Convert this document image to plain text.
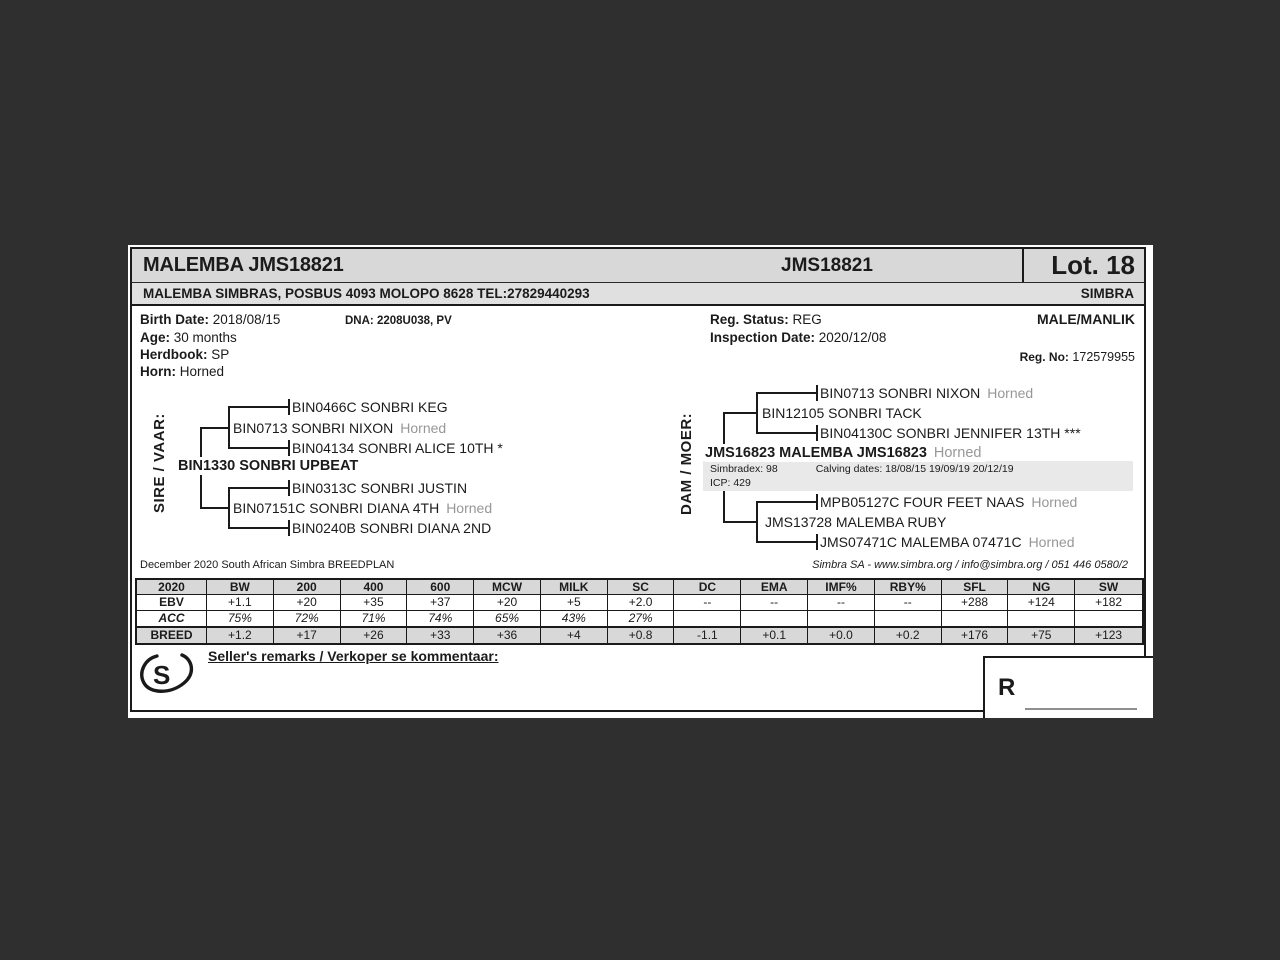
MALEMBA JMS18821	JMS18821	Lot. 18
MALEMBA SIMBRAS, POSBUS 4093 MOLOPO 8628 TEL:27829440293	SIMBRA
Birth Date: 2018/08/15	DNA: 2208U038, PV
Age: 30 months
Herdbook: SP
Horn: Horned
Reg. Status: REG
Inspection Date: 2020/12/08
MALE/MANLIK
Reg. No: 172579955
SIRE / VAAR:
BIN0466C SONBRI KEG
BIN0713 SONBRI NIXON Horned
BIN04134 SONBRI ALICE 10TH *
BIN1330 SONBRI UPBEAT
BIN0313C SONBRI JUSTIN
BIN07151C SONBRI DIANA 4TH Horned
BIN0240B SONBRI DIANA 2ND
DAM / MOER:
BIN0713 SONBRI NIXON Horned
BIN12105 SONBRI TACK
BIN04130C SONBRI JENNIFER 13TH ***
JMS16823 MALEMBA JMS16823 Horned
Simbradex: 98	Calving dates: 18/08/15 19/09/19 20/12/19
ICP: 429
MPB05127C FOUR FEET NAAS Horned
JMS13728 MALEMBA RUBY
JMS07471C MALEMBA 07471C Horned
December 2020 South African Simbra BREEDPLAN	Simbra SA - www.simbra.org / info@simbra.org / 051 446 0580/2
2020	BW	200	400	600	MCW	MILK	SC	DC	EMA	IMF%	RBY%	SFL	NG	SW
EBV	+1.1	+20	+35	+37	+20	+5	+2.0	--	--	--	--	+288	+124	+182
ACC	75%	72%	71%	74%	65%	43%	27%
BREED	+1.2	+17	+26	+33	+36	+4	+0.8	-1.1	+0.1	+0.0	+0.2	+176	+75	+123
S
Seller's remarks / Verkoper se kommentaar:
R
